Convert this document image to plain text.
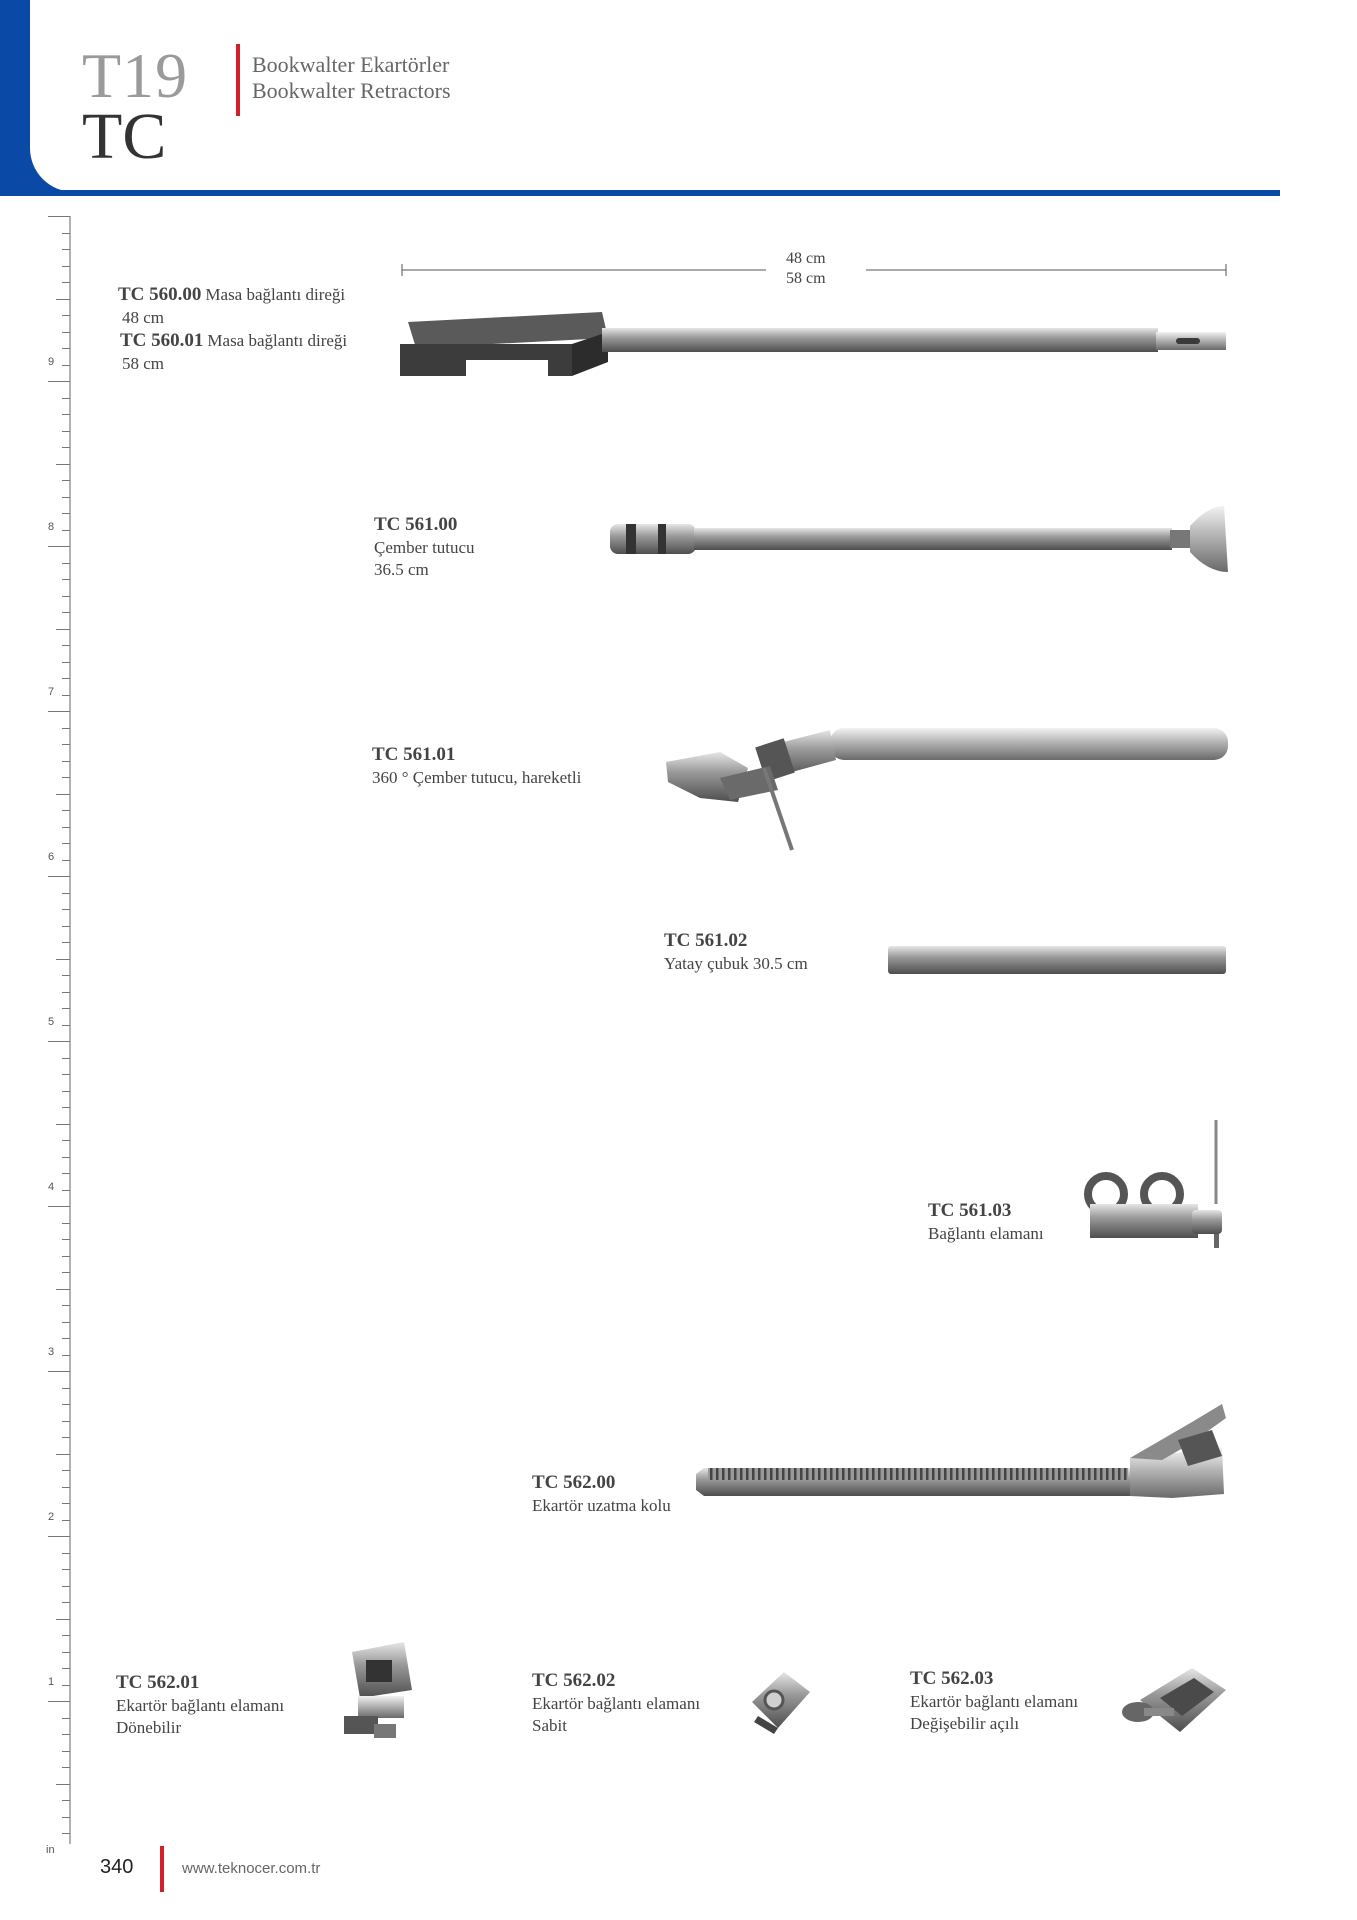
T19
TC
Bookwalter Ekartörler
Bookwalter Retractors
9
8
7
6
5
4
3
2
1
in
TC 560.00 Masa bağlantı direği
48 cm
TC 560.01 Masa bağlantı direği
58 cm
48 cm
58 cm
TC 561.00
Çember tutucu
36.5 cm
TC 561.01
360 ° Çember tutucu, hareketli
TC 561.02
Yatay çubuk 30.5 cm
TC 561.03
Bağlantı elamanı
TC 562.00
Ekartör uzatma kolu
TC 562.01
Ekartör bağlantı elamanı
Dönebilir
TC 562.02
Ekartör bağlantı elamanı
Sabit
TC 562.03
Ekartör bağlantı elamanı
Değişebilir açılı
340	www.teknocer.com.tr
